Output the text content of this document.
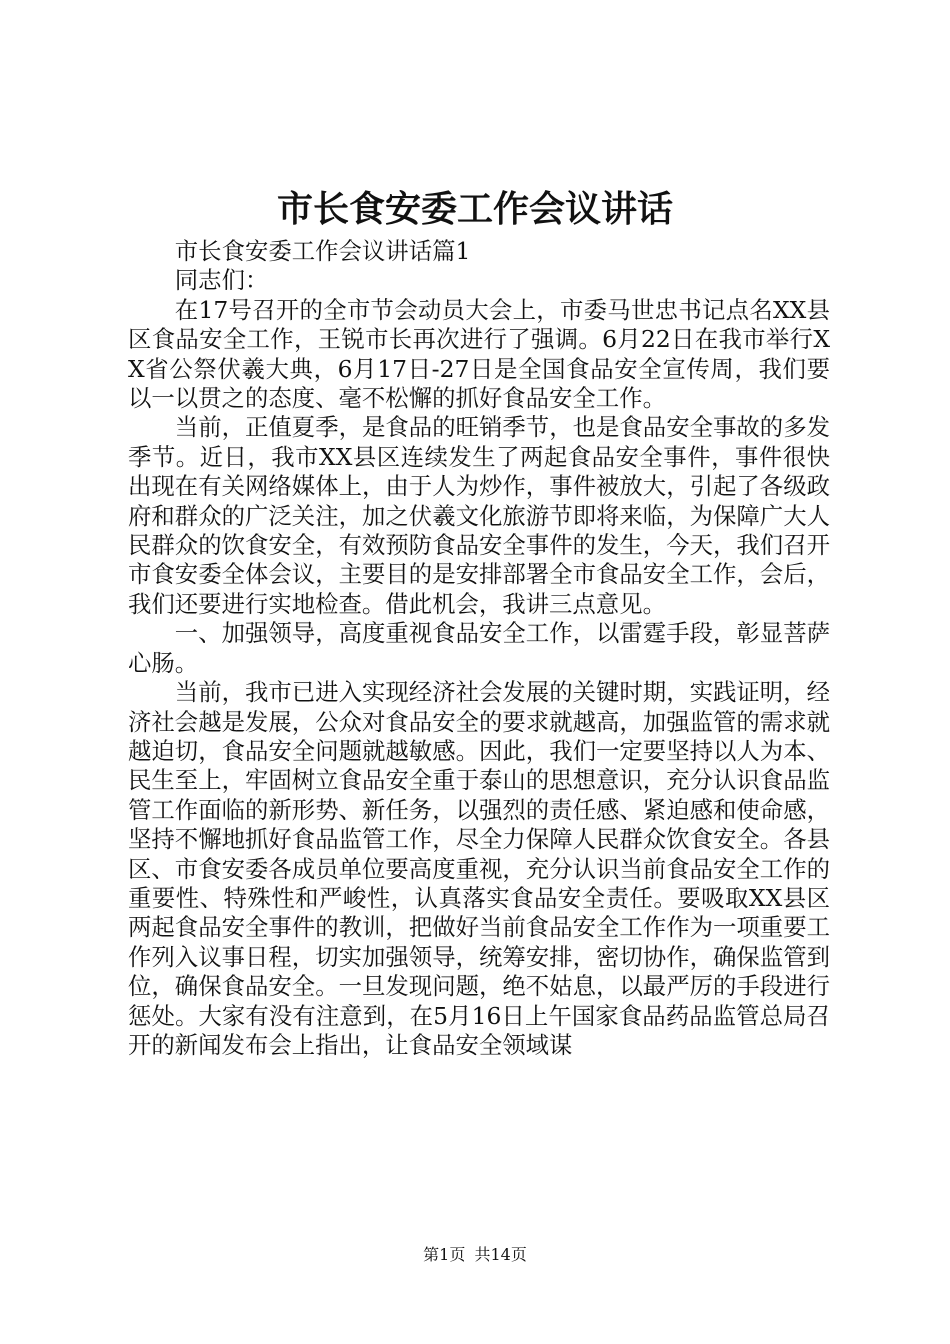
市长食安委工作会议讲话

市长食安委工作会议讲话篇1

同志们：

在17号召开的全市节会动员大会上，市委马世忠书记点名XX县区食品安全工作，王锐市长再次进行了强调。6月22日在我市举行XX省公祭伏羲大典，6月17日-27日是全国食品安全宣传周，我们要以一以贯之的态度、毫不松懈的抓好食品安全工作。

当前，正值夏季，是食品的旺销季节，也是食品安全事故的多发季节。近日，我市XX县区连续发生了两起食品安全事件，事件很快出现在有关网络媒体上，由于人为炒作，事件被放大，引起了各级政府和群众的广泛关注，加之伏羲文化旅游节即将来临，为保障广大人民群众的饮食安全，有效预防食品安全事件的发生，今天，我们召开市食安委全体会议，主要目的是安排部署全市食品安全工作，会后，我们还要进行实地检查。借此机会，我讲三点意见。

一、加强领导，高度重视食品安全工作，以雷霆手段，彰显菩萨心肠。

当前，我市已进入实现经济社会发展的关键时期，实践证明，经济社会越是发展，公众对食品安全的要求就越高，加强监管的需求就越迫切，食品安全问题就越敏感。因此，我们一定要坚持以人为本、民生至上，牢固树立食品安全重于泰山的思想意识，充分认识食品监管工作面临的新形势、新任务，以强烈的责任感、紧迫感和使命感，坚持不懈地抓好食品监管工作，尽全力保障人民群众饮食安全。各县区、市食安委各成员单位要高度重视，充分认识当前食品安全工作的重要性、特殊性和严峻性，认真落实食品安全责任。要吸取XX县区两起食品安全事件的教训，把做好当前食品安全工作作为一项重要工作列入议事日程，切实加强领导，统筹安排，密切协作，确保监管到位，确保食品安全。一旦发现问题，绝不姑息，以最严厉的手段进行惩处。大家有没有注意到，在5月16日上午国家食品药品监管总局召开的新闻发布会上指出，让食品安全领域谋

第1页 共14页
